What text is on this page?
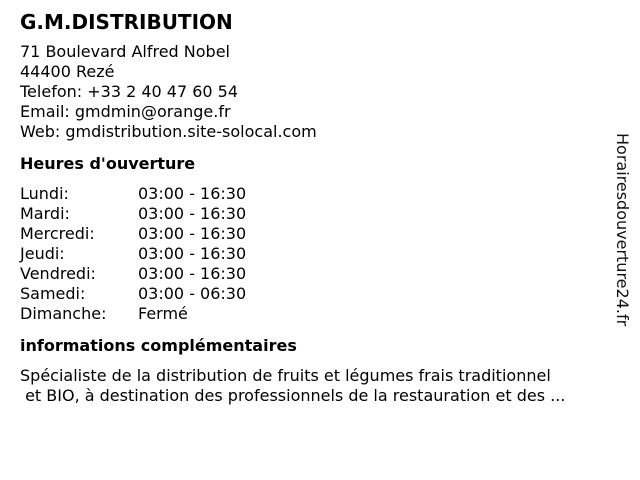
G.M.DISTRIBUTION
71 Boulevard Alfred Nobel
44400 Rezé
Telefon: +33 2 40 47 60 54
Email: gmdmin@orange.fr
Web: gmdistribution.site-solocal.com
Heures d'ouverture
Lundi:	03:00 - 16:30
Mardi:	03:00 - 16:30
Mercredi:	03:00 - 16:30
Jeudi:	03:00 - 16:30
Vendredi:	03:00 - 16:30
Samedi:	03:00 - 06:30
Dimanche:	Fermé
informations complémentaires
Spécialiste de la distribution de fruits et légumes frais traditionnel
et BIO, à destination des professionnels de la restauration et des ...
Horairesdouverture24.fr
